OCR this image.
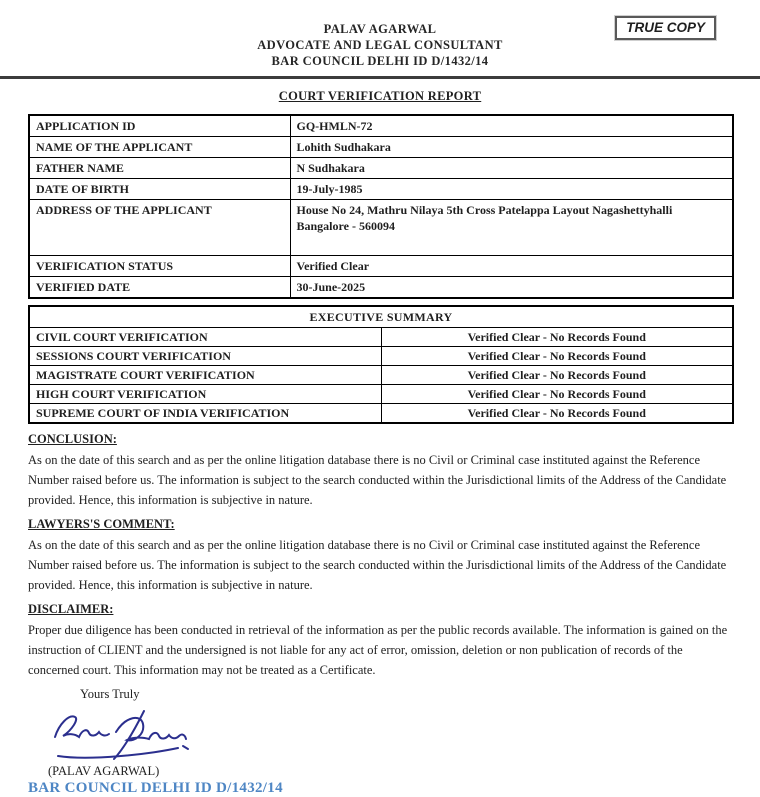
PALAV AGARWAL
ADVOCATE AND LEGAL CONSULTANT
BAR COUNCIL DELHI ID D/1432/14
TRUE COPY
COURT VERIFICATION REPORT
APPLICATION ID	GQ-HMLN-72
NAME OF THE APPLICANT	Lohith Sudhakara
FATHER NAME	N Sudhakara
DATE OF BIRTH	19-July-1985
ADDRESS OF THE APPLICANT	House No 24, Mathru Nilaya 5th Cross Patelappa Layout Nagashettyhalli Bangalore - 560094
VERIFICATION STATUS	Verified Clear
VERIFIED DATE	30-June-2025
EXECUTIVE SUMMARY	
CIVIL COURT VERIFICATION	Verified Clear - No Records Found
SESSIONS COURT VERIFICATION	Verified Clear - No Records Found
MAGISTRATE COURT VERIFICATION	Verified Clear - No Records Found
HIGH COURT VERIFICATION	Verified Clear - No Records Found
SUPREME COURT OF INDIA VERIFICATION	Verified Clear - No Records Found
CONCLUSION:
As on the date of this search and as per the online litigation database there is no Civil or Criminal case instituted against the Reference Number raised before us. The information is subject to the search conducted within the Jurisdictional limits of the Address of the Candidate provided. Hence, this information is subjective in nature.
LAWYERS'S COMMENT:
As on the date of this search and as per the online litigation database there is no Civil or Criminal case instituted against the Reference Number raised before us. The information is subject to the search conducted within the Jurisdictional limits of the Address of the Candidate provided. Hence, this information is subjective in nature.
DISCLAIMER:
Proper due diligence has been conducted in retrieval of the information as per the public records available. The information is gained on the instruction of CLIENT and the undersigned is not liable for any act of error, omission, deletion or non publication of records of the concerned court. This information may not be treated as a Certificate.
Yours Truly
(PALAV AGARWAL)
BAR COUNCIL DELHI ID D/1432/14
